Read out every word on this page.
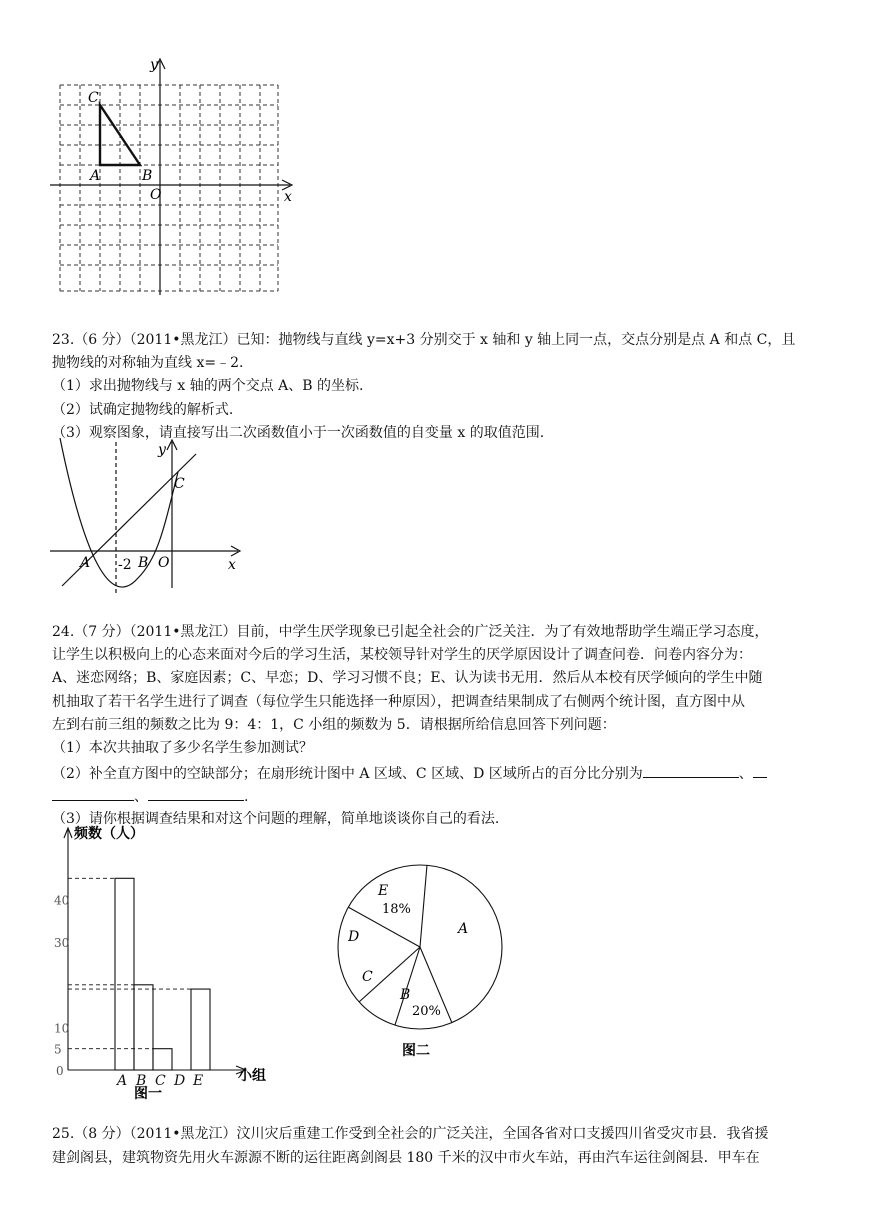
y
x
O
C
A	B
23.（6 分）（2011•黑龙江）已知：抛物线与直线 y=x+3 分别交于 x 轴和 y 轴上同一点，交点分别是点 A 和点 C，且
抛物线的对称轴为直线 x=﹣2.
（1）求出抛物线与 x 轴的两个交点 A、B 的坐标.
（2）试确定抛物线的解析式.
（3）观察图象，请直接写出二次函数值小于一次函数值的自变量 x 的取值范围.
y
x
C
A -2 B O
24.（7 分）（2011•黑龙江）目前，中学生厌学现象已引起全社会的广泛关注．为了有效地帮助学生端正学习态度，
让学生以积极向上的心态来面对今后的学习生活，某校领导针对学生的厌学原因设计了调查问卷．问卷内容分为：
A、迷恋网络；B、家庭因素；C、早恋；D、学习习惯不良；E、认为读书无用．然后从本校有厌学倾向的学生中随
机抽取了若干名学生进行了调查（每位学生只能选择一种原因），把调查结果制成了右侧两个统计图，直方图中从
左到右前三组的频数之比为 9：4：1，C 小组的频数为 5．请根据所给信息回答下列问题：
（1）本次共抽取了多少名学生参加测试？
（2）补全直方图中的空缺部分；在扇形统计图中 A 区域、C 区域、D 区域所占的百分比分别为	、
、	.
（3）请你根据调查结果和对这个问题的理解，简单地谈谈你自己的看法.
0
5
10
30
40
A B C D E
频数（人）
小组
图一
A
B
C
D
E
18%
20%
图二
25.（8 分）（2011•黑龙江）汶川灾后重建工作受到全社会的广泛关注，全国各省对口支援四川省受灾市县．我省援
建剑阁县，建筑物资先用火车源源不断的运往距离剑阁县 180 千米的汉中市火车站，再由汽车运往剑阁县．甲车在
